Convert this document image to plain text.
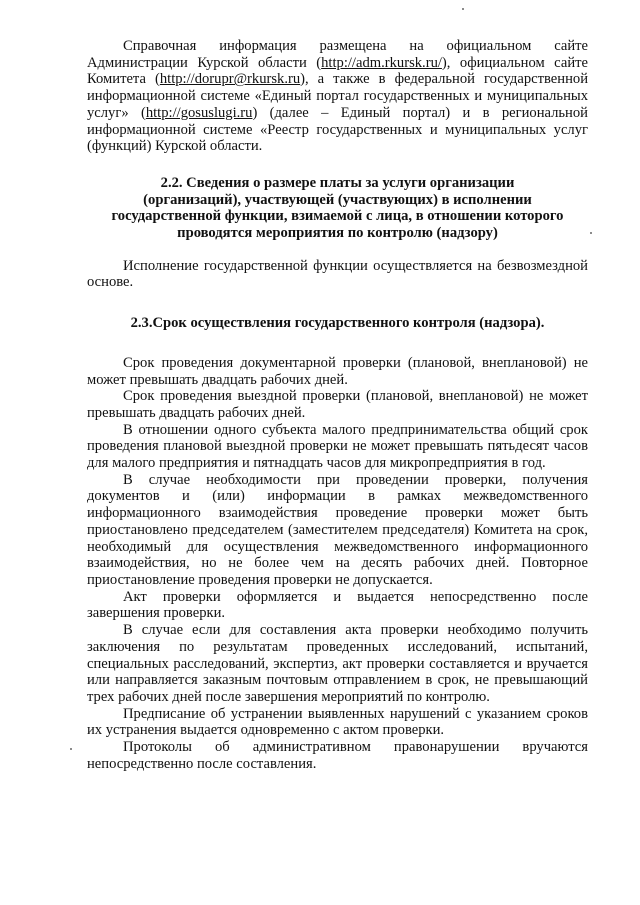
Справочная информация размещена на официальном сайте Администрации Курской области (http://adm.rkursk.ru/), официальном сайте Комитета (http://dorupr@rkursk.ru), а также в федеральной государственной информационной системе «Единый портал государственных и муниципальных услуг» (http://gosuslugi.ru) (далее – Единый портал) и в региональной информационной системе «Реестр государственных и муниципальных услуг (функций) Курской области.

2.2. Сведения о размере платы за услуги организации

(организаций), участвующей (участвующих) в исполнении

государственной функции, взимаемой с лица, в отношении которого

проводятся мероприятия по контролю (надзору)

Исполнение государственной функции осуществляется на безвозмездной основе.

2.3.Срок осуществления государственного контроля (надзора).

Срок проведения документарной проверки (плановой, внеплановой) не может превышать двадцать рабочих дней.

Срок проведения выездной проверки (плановой, внеплановой) не может превышать двадцать рабочих дней.

В отношении одного субъекта малого предпринимательства общий срок проведения плановой выездной проверки не может превышать пятьдесят часов для малого предприятия и пятнадцать часов для микропредприятия в год.

В случае необходимости при проведении проверки, получения документов и (или) информации в рамках межведомственного информационного взаимодействия проведение проверки может быть приостановлено председателем (заместителем председателя) Комитета на срок, необходимый для осуществления межведомственного информационного взаимодействия, но не более чем на десять рабочих дней. Повторное приостановление проведения проверки не допускается.

Акт проверки оформляется и выдается непосредственно после завершения проверки.

В случае если для составления акта проверки необходимо получить заключения по результатам проведенных исследований, испытаний, специальных расследований, экспертиз, акт проверки составляется и вручается или направляется заказным почтовым отправлением в срок, не превышающий трех рабочих дней после завершения мероприятий по контролю.

Предписание об устранении выявленных нарушений с указанием сроков их устранения выдается одновременно с актом проверки.

Протоколы об административном правонарушении вручаются непосредственно после составления.
